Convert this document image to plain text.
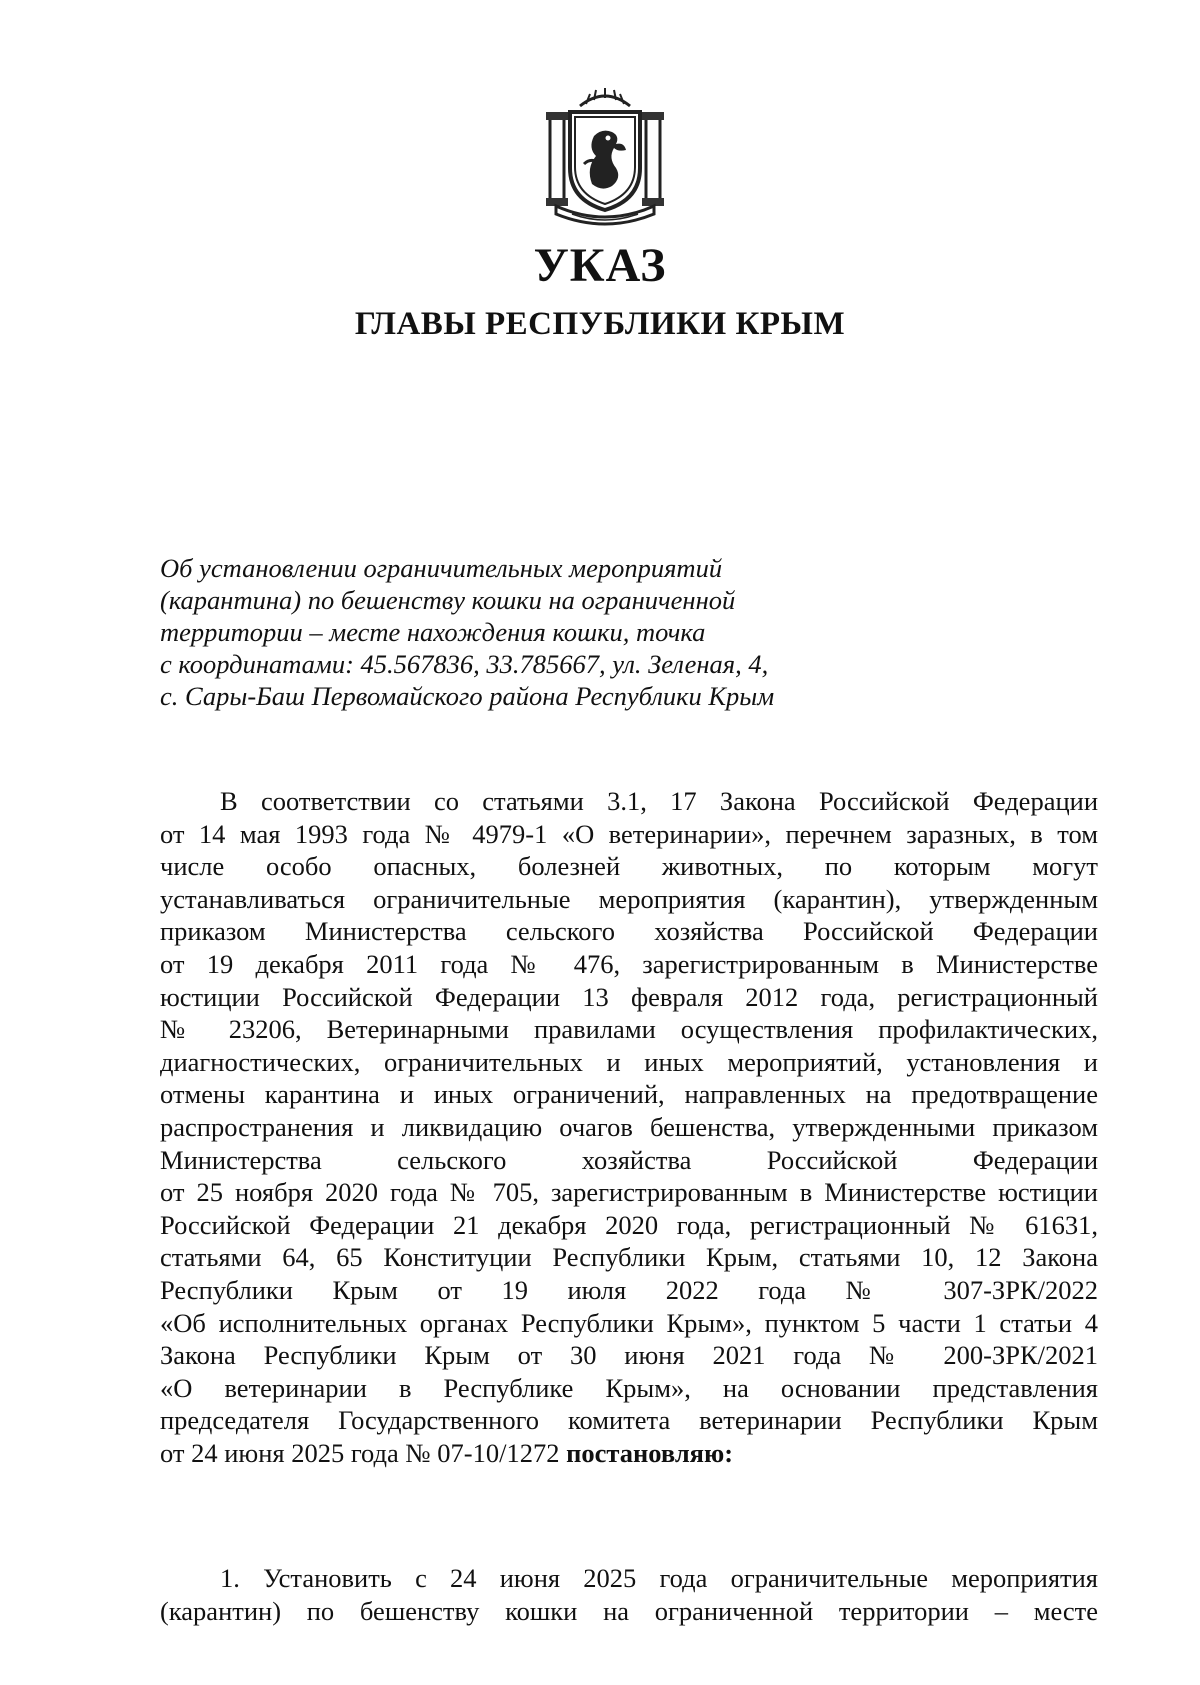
УКАЗ
ГЛАВЫ РЕСПУБЛИКИ КРЫМ
Об установлении ограничительных мероприятий
(карантина) по бешенству кошки на ограниченной
территории – месте нахождения кошки, точка
с координатами: 45.567836, 33.785667, ул. Зеленая, 4,
с. Сары-Баш Первомайского района Республики Крым
В соответствии со статьями 3.1, 17 Закона Российской Федерации
от 14 мая 1993 года № 4979-1 «О ветеринарии», перечнем заразных, в том
числе особо опасных, болезней животных, по которым могут
устанавливаться ограничительные мероприятия (карантин), утвержденным
приказом Министерства сельского хозяйства Российской Федерации
от 19 декабря 2011 года № 476, зарегистрированным в Министерстве
юстиции Российской Федерации 13 февраля 2012 года, регистрационный
№ 23206, Ветеринарными правилами осуществления профилактических,
диагностических, ограничительных и иных мероприятий, установления и
отмены карантина и иных ограничений, направленных на предотвращение
распространения и ликвидацию очагов бешенства, утвержденными приказом
Министерства сельского хозяйства Российской Федерации
от 25 ноября 2020 года № 705, зарегистрированным в Министерстве юстиции
Российской Федерации 21 декабря 2020 года, регистрационный № 61631,
статьями 64, 65 Конституции Республики Крым, статьями 10, 12 Закона
Республики Крым от 19 июля 2022 года № 307-ЗРК/2022
«Об исполнительных органах Республики Крым», пунктом 5 части 1 статьи 4
Закона Республики Крым от 30 июня 2021 года № 200-ЗРК/2021
«О ветеринарии в Республике Крым», на основании представления
председателя Государственного комитета ветеринарии Республики Крым
от 24 июня 2025 года № 07-10/1272 постановляю:
1. Установить с 24 июня 2025 года ограничительные мероприятия
(карантин) по бешенству кошки на ограниченной территории – месте
